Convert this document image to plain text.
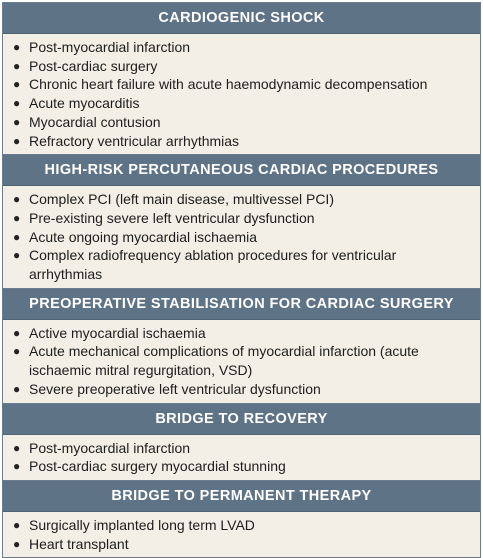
CARDIOGENIC SHOCK
● Post-myocardial infarction
● Post-cardiac surgery
● Chronic heart failure with acute haemodynamic decompensation
● Acute myocarditis
● Myocardial contusion
● Refractory ventricular arrhythmias
HIGH-RISK PERCUTANEOUS CARDIAC PROCEDURES
● Complex PCI (left main disease, multivessel PCI)
● Pre-existing severe left ventricular dysfunction
● Acute ongoing myocardial ischaemia
● Complex radiofrequency ablation procedures for ventricular arrhythmias
PREOPERATIVE STABILISATION FOR CARDIAC SURGERY
● Active myocardial ischaemia
● Acute mechanical complications of myocardial infarction (acute ischaemic mitral regurgitation, VSD)
● Severe preoperative left ventricular dysfunction
BRIDGE TO RECOVERY
● Post-myocardial infarction
● Post-cardiac surgery myocardial stunning
BRIDGE TO PERMANENT THERAPY
● Surgically implanted long term LVAD
● Heart transplant
